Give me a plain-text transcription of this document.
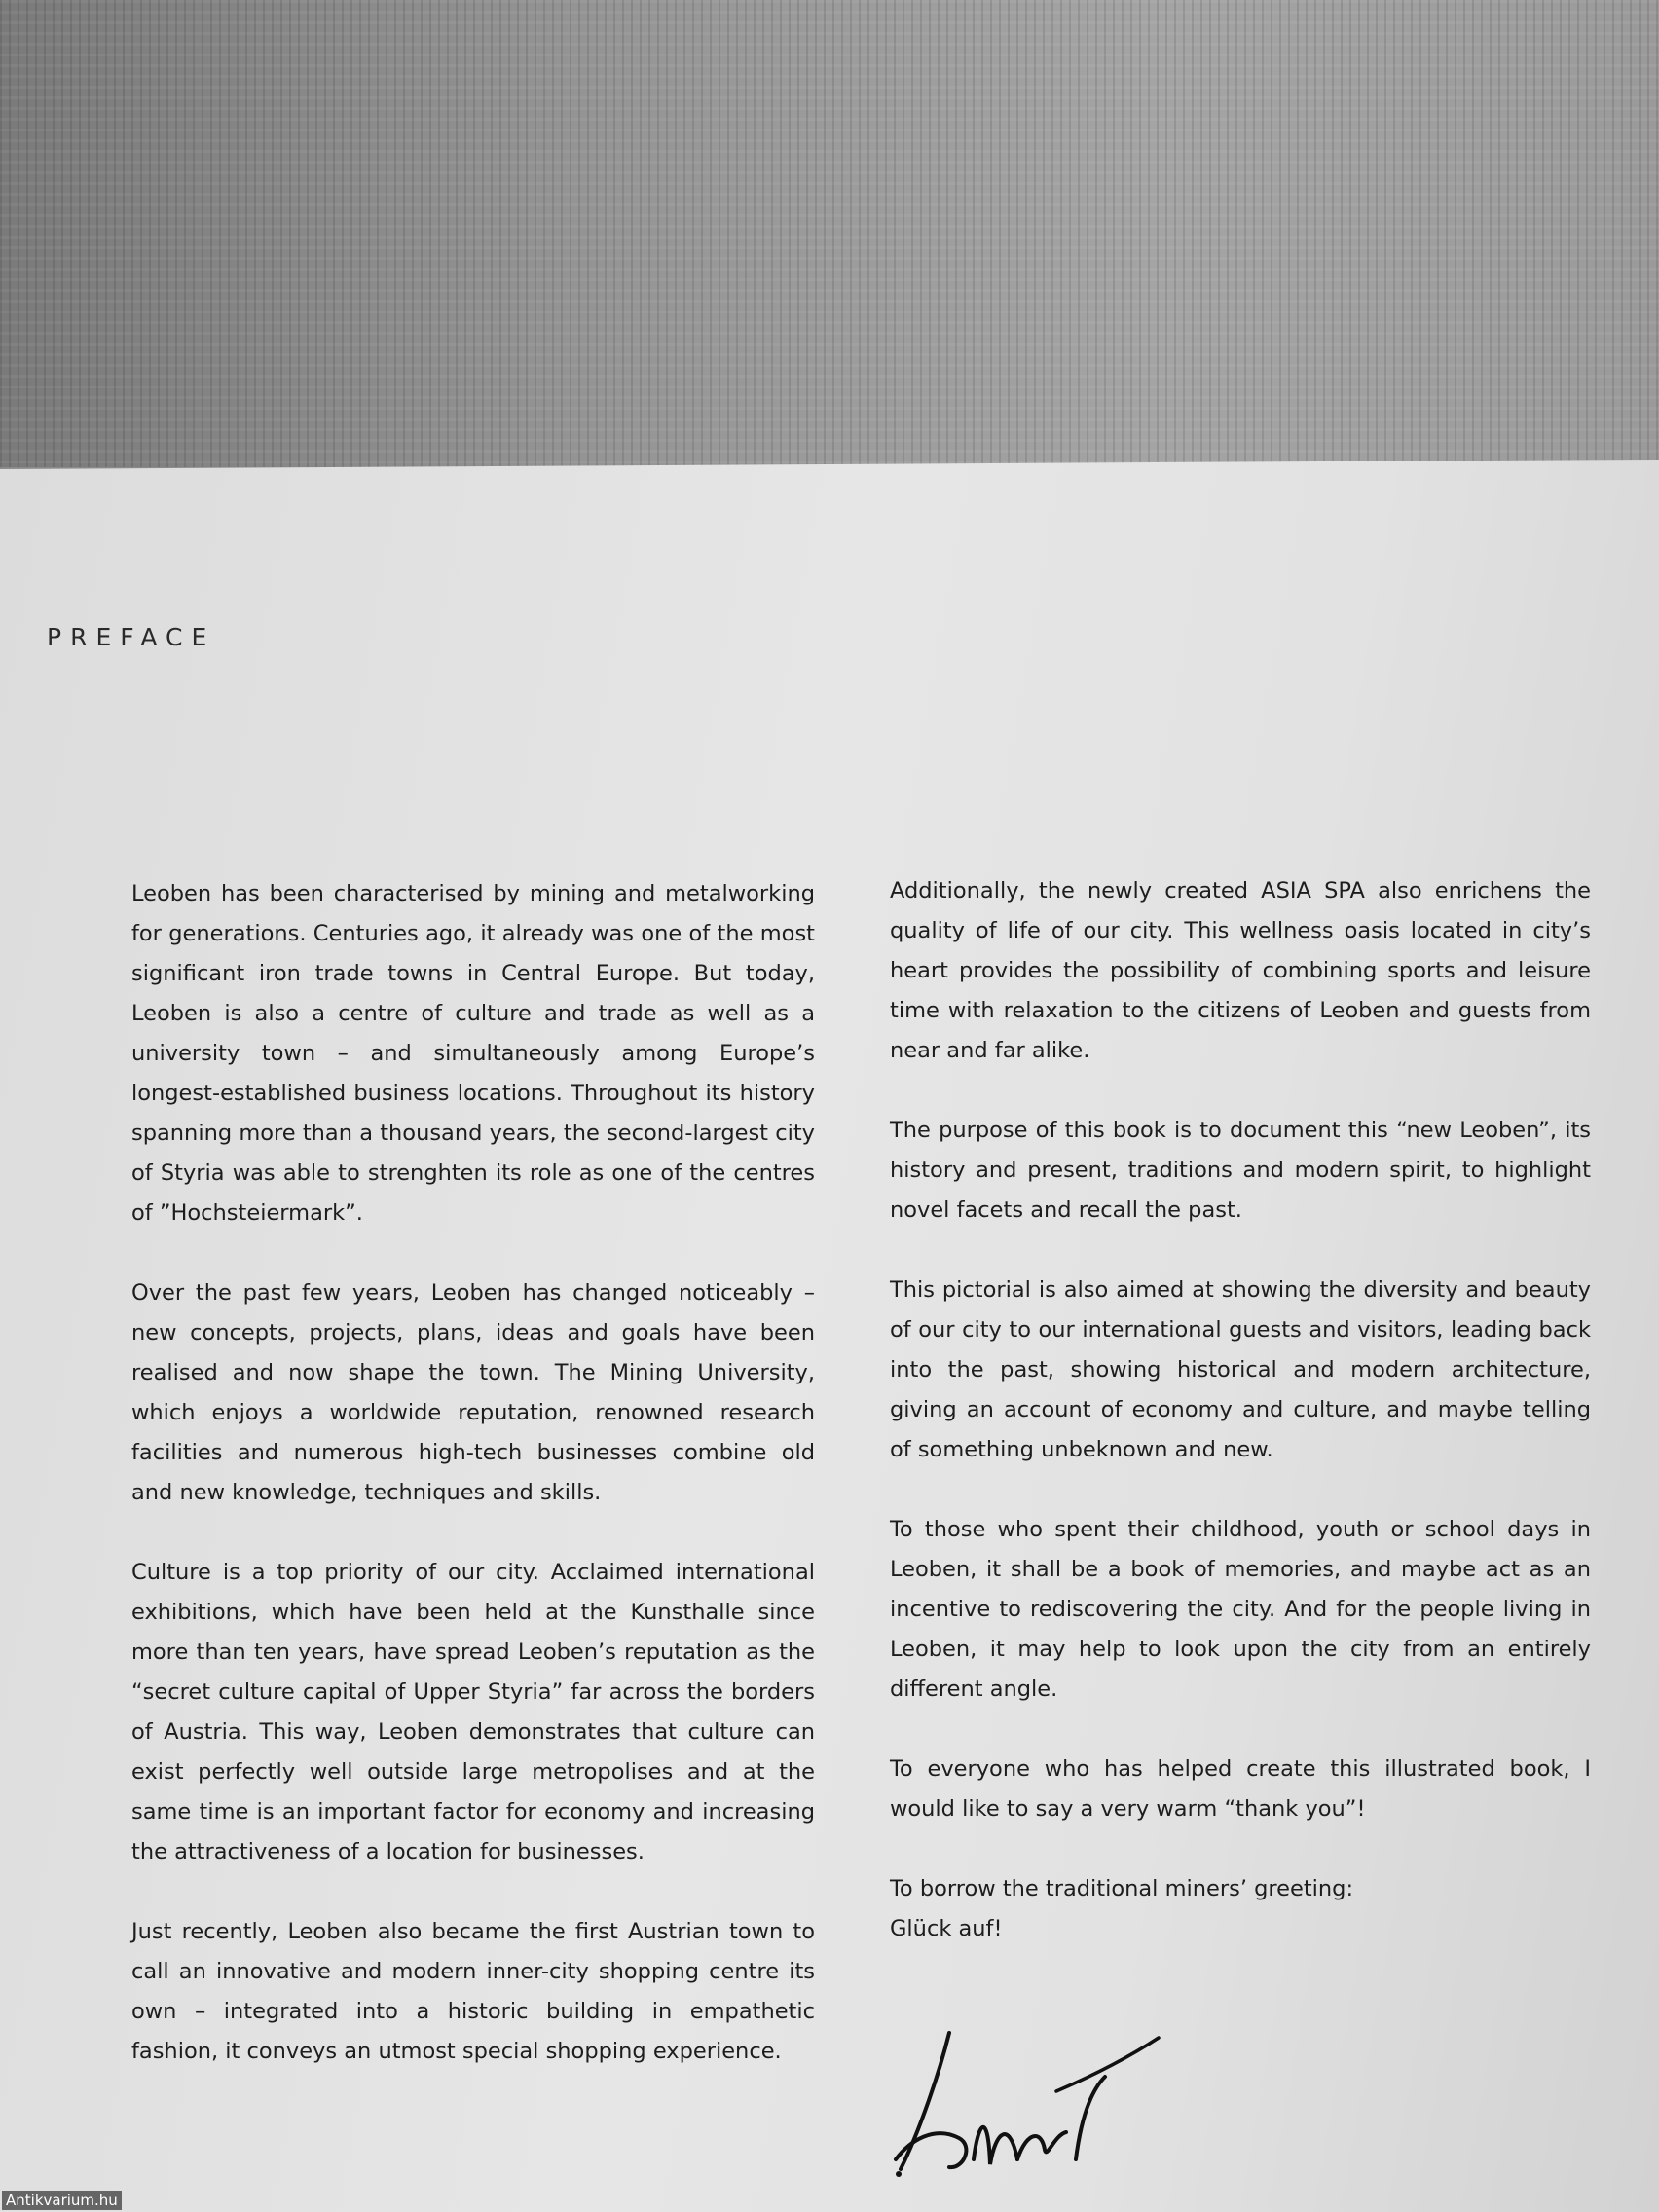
PREFACE

Leoben has been characterised by mining and metalworking for generations. Centuries ago, it already was one of the most significant iron trade towns in Central Europe. But today, Leoben is also a centre of culture and trade as well as a university town – and simultaneously among Europe’s longest-established business locations. Throughout its history spanning more than a thousand years, the second-largest city of Styria was able to strenghten its role as one of the centres of ”Hochsteiermark”.

Over the past few years, Leoben has changed noticeably – new concepts, projects, plans, ideas and goals have been realised and now shape the town. The Mining University, which enjoys a worldwide reputation, renowned research facilities and numerous high-tech businesses combine old and new knowledge, techniques and skills.

Culture is a top priority of our city. Acclaimed international exhibitions, which have been held at the Kunsthalle since more than ten years, have spread Leoben’s reputation as the “secret culture capital of Upper Styria” far across the borders of Austria. This way, Leoben demonstrates that culture can exist perfectly well outside large metropolises and at the same time is an important factor for economy and increasing the attractiveness of a location for businesses.

Just recently, Leoben also became the first Austrian town to call an innovative and modern inner-city shopping centre its own – integrated into a historic building in empathetic fashion, it conveys an utmost special shopping experience.

Additionally, the newly created ASIA SPA also enrichens the quality of life of our city. This wellness oasis located in city’s heart provides the possibility of combining sports and leisure time with relaxation to the citizens of Leoben and guests from near and far alike.

The purpose of this book is to document this “new Leoben”, its history and present, traditions and modern spirit, to highlight novel facets and recall the past.

This pictorial is also aimed at showing the diversity and beauty of our city to our international guests and visitors, leading back into the past, showing historical and modern architecture, giving an account of economy and culture, and maybe telling of something unbeknown and new.

To those who spent their childhood, youth or school days in Leoben, it shall be a book of memories, and maybe act as an incentive to rediscovering the city. And for the people living in Leoben, it may help to look upon the city from an entirely different angle.

To everyone who has helped create this illustrated book, I would like to say a very warm “thank you”!

To borrow the traditional miners’ greeting:

Glück auf!

Antikvarium.hu
